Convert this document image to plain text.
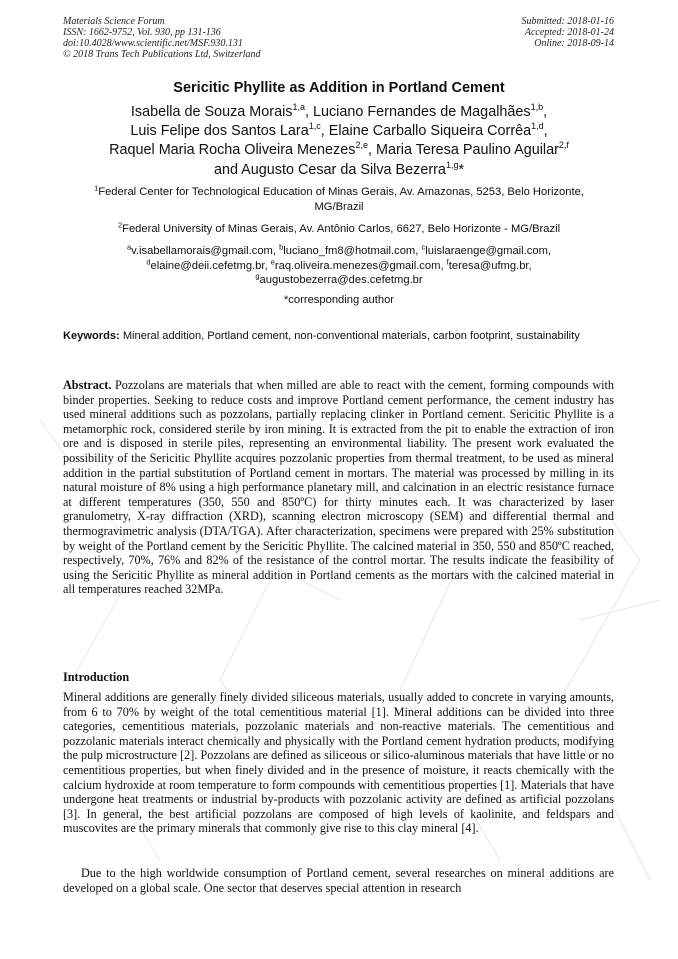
Materials Science Forum
ISSN: 1662-9752, Vol. 930, pp 131-136
doi:10.4028/www.scientific.net/MSF.930.131
© 2018 Trans Tech Publications Ltd, Switzerland
Submitted: 2018-01-16
Accepted: 2018-01-24
Online: 2018-09-14
Sericitic Phyllite as Addition in Portland Cement
Isabella de Souza Morais$^{1,a}$, Luciano Fernandes de Magalhães$^{1,b}$,
Luis Felipe dos Santos Lara$^{1,c}$, Elaine Carballo Siqueira Corrêa$^{1,d}$,
Raquel Maria Rocha Oliveira Menezes$^{2,e}$, Maria Teresa Paulino Aguilar$^{2,f}$
and Augusto Cesar da Silva Bezerra$^{1,g}$*
$^1$Federal Center for Technological Education of Minas Gerais, Av. Amazonas, 5253, Belo Horizonte, MG/Brazil
$^2$Federal University of Minas Gerais, Av. Antônio Carlos, 6627, Belo Horizonte - MG/Brazil
$^a$v.isabellamorais@gmail.com, $^b$luciano_fm8@hotmail.com, $^c$luislaraenge@gmail.com,
$^d$elaine@deii.cefetmg.br, $^e$raq.oliveira.menezes@gmail.com, $^f$teresa@ufmg.br,
$^g$augustobezerra@des.cefetmg.br
*corresponding author
Keywords: Mineral addition, Portland cement, non-conventional materials, carbon footprint, sustainability
Abstract. Pozzolans are materials that when milled are able to react with the cement, forming compounds with binder properties. Seeking to reduce costs and improve Portland cement performance, the cement industry has used mineral additions such as pozzolans, partially replacing clinker in Portland cement. Sericitic Phyllite is a metamorphic rock, considered sterile by iron mining. It is extracted from the pit to enable the extraction of iron ore and is disposed in sterile piles, representing an environmental liability. The present work evaluated the possibility of the Sericitic Phyllite acquires pozzolanic properties from thermal treatment, to be used as mineral addition in the partial substitution of Portland cement in mortars. The material was processed by milling in its natural moisture of 8% using a high performance planetary mill, and calcination in an electric resistance furnace at different temperatures (350, 550 and 850ºC) for thirty minutes each. It was characterized by laser granulometry, X-ray diffraction (XRD), scanning electron microscopy (SEM) and differential thermal and thermogravimetric analysis (DTA/TGA). After characterization, specimens were prepared with 25% substitution by weight of the Portland cement by the Sericitic Phyllite. The calcined material in 350, 550 and 850ºC reached, respectively, 70%, 76% and 82% of the resistance of the control mortar. The results indicate the feasibility of using the Sericitic Phyllite as mineral addition in Portland cements as the mortars with the calcined material in all temperatures reached 32MPa.
Introduction
Mineral additions are generally finely divided siliceous materials, usually added to concrete in varying amounts, from 6 to 70% by weight of the total cementitious material [1]. Mineral additions can be divided into three categories, cementitious materials, pozzolanic materials and non-reactive materials. The cementitious and pozzolanic materials interact chemically and physically with the Portland cement hydration products, modifying the pulp microstructure [2]. Pozzolans are defined as siliceous or silico-aluminous materials that have little or no cementitious properties, but when finely divided and in the presence of moisture, it reacts chemically with the calcium hydroxide at room temperature to form compounds with cementitious properties [1]. Materials that have undergone heat treatments or industrial by-products with pozzolanic activity are defined as artificial pozzolans [3]. In general, the best artificial pozzolans are composed of high levels of kaolinite, and feldspars and muscovites are the primary minerals that commonly give rise to this clay mineral [4].
Due to the high worldwide consumption of Portland cement, several researches on mineral additions are developed on a global scale. One sector that deserves special attention in research
